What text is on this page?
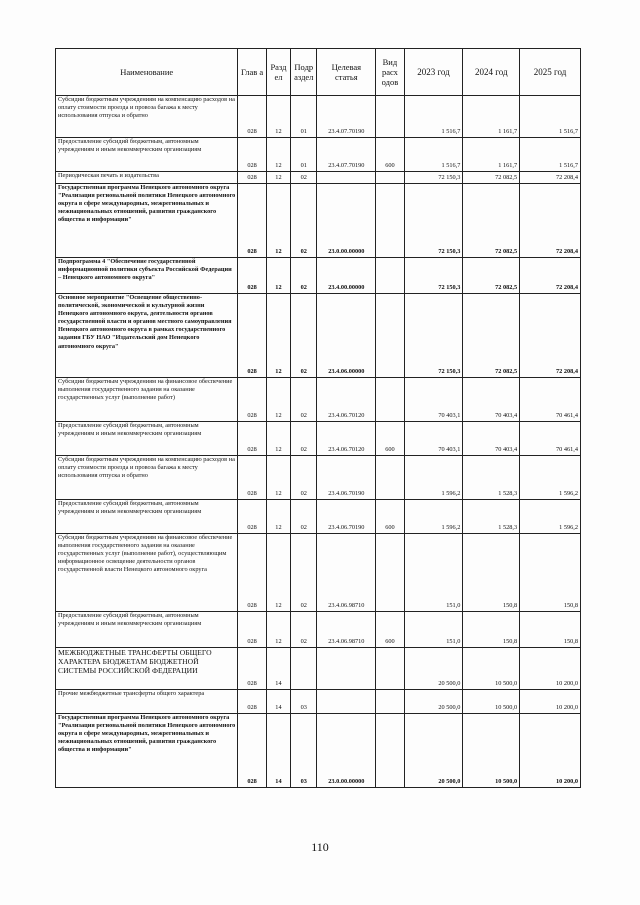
Наименование	Глав а	Разд ел	Подр аздел	Целевая статья	Вид расх одов	2023 год	2024 год	2025 год
Субсидии бюджетным учреждениям на компенсацию расходов на оплату стоимости проезда и провоза багажа к месту использования отпуска и обратно	028	12	01	23.4.07.70190		1 516,7	1 161,7	1 516,7
Предоставление субсидий бюджетным, автономным учреждениям и иным некоммерческим организациям	028	12	01	23.4.07.70190	600	1 516,7	1 161,7	1 516,7
Периодическая печать и издательства	028	12	02			72 150,3	72 082,5	72 208,4
Государственная программа Ненецкого автономного округа "Реализация региональной политики Ненецкого автономного округа в сфере международных, межрегиональных и межнациональных отношений, развития гражданского общества и информации"	028	12	02	23.0.00.00000		72 150,3	72 082,5	72 208,4
Подпрограмма 4 "Обеспечение государственной информационной политики субъекта Российской Федерации – Ненецкого автономного округа"	028	12	02	23.4.00.00000		72 150,3	72 082,5	72 208,4
Основное мероприятие "Освещение общественно-политической, экономической и культурной жизни Ненецкого автономного округа, деятельности органов государственной власти и органов местного самоуправления Ненецкого автономного округа в рамках государственного задания ГБУ НАО "Издательский дом Ненецкого автономного округа"	028	12	02	23.4.06.00000		72 150,3	72 082,5	72 208,4
Субсидии бюджетным учреждениям на финансовое обеспечение выполнения государственного задания на оказание государственных услуг (выполнение работ)	028	12	02	23.4.06.70120		70 403,1	70 403,4	70 461,4
Предоставление субсидий бюджетным, автономным учреждениям и иным некоммерческим организациям	028	12	02	23.4.06.70120	600	70 403,1	70 403,4	70 461,4
Субсидии бюджетным учреждениям на компенсацию расходов на оплату стоимости проезда и провоза багажа к месту использования отпуска и обратно	028	12	02	23.4.06.70190		1 596,2	1 528,3	1 596,2
Предоставление субсидий бюджетным, автономным учреждениям и иным некоммерческим организациям	028	12	02	23.4.06.70190	600	1 596,2	1 528,3	1 596,2
Субсидии бюджетным учреждениям на финансовое обеспечение выполнения государственного задания на оказание государственных услуг (выполнение работ), осуществляющим информационное освещение деятельности органов государственной власти Ненецкого автономного округа	028	12	02	23.4.06.98710		151,0	150,8	150,8
Предоставление субсидий бюджетным, автономным учреждениям и иным некоммерческим организациям	028	12	02	23.4.06.98710	600	151,0	150,8	150,8
МЕЖБЮДЖЕТНЫЕ ТРАНСФЕРТЫ ОБЩЕГО ХАРАКТЕРА БЮДЖЕТАМ БЮДЖЕТНОЙ СИСТЕМЫ РОССИЙСКОЙ ФЕДЕРАЦИИ	028	14				20 500,0	10 500,0	10 200,0
Прочие межбюджетные трансферты общего характера	028	14	03			20 500,0	10 500,0	10 200,0
Государственная программа Ненецкого автономного округа "Реализация региональной политики Ненецкого автономного округа в сфере международных, межрегиональных и межнациональных отношений, развития гражданского общества и информации"	028	14	03	23.0.00.00000		20 500,0	10 500,0	10 200,0
110
